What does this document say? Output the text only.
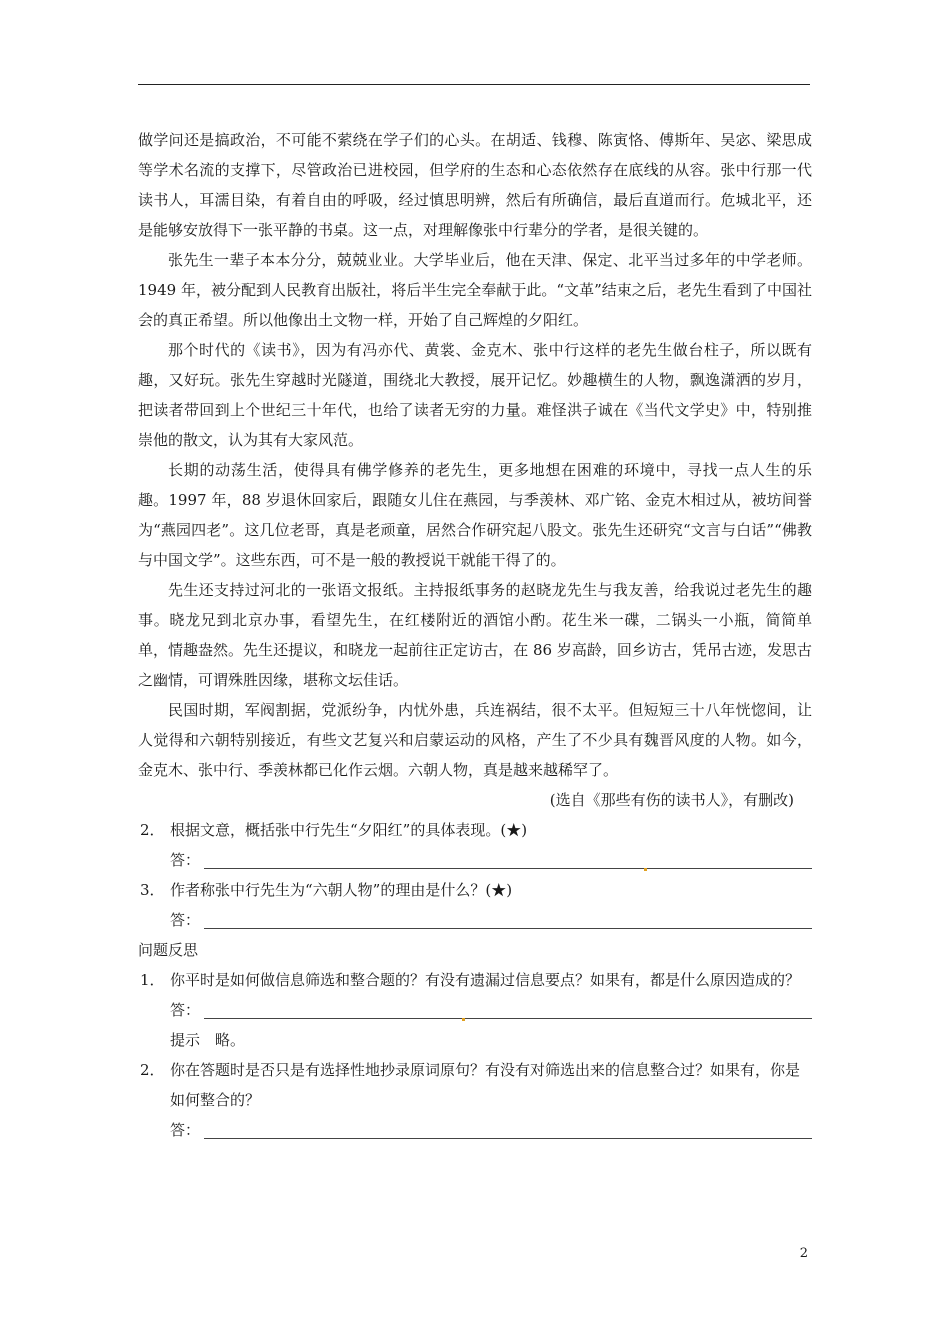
做学问还是搞政治，不可能不萦绕在学子们的心头。在胡适、钱穆、陈寅恪、傅斯年、吴宓、梁思成等学术名流的支撑下，尽管政治已进校园，但学府的生态和心态依然存在底线的从容。张中行那一代读书人，耳濡目染，有着自由的呼吸，经过慎思明辨，然后有所确信，最后直道而行。危城北平，还是能够安放得下一张平静的书桌。这一点，对理解像张中行辈分的学者，是很关键的。

张先生一辈子本本分分，兢兢业业。大学毕业后，他在天津、保定、北平当过多年的中学老师。1949 年，被分配到人民教育出版社，将后半生完全奉献于此。“文革”结束之后，老先生看到了中国社会的真正希望。所以他像出土文物一样，开始了自己辉煌的夕阳红。

那个时代的《读书》，因为有冯亦代、黄裳、金克木、张中行这样的老先生做台柱子，所以既有趣，又好玩。张先生穿越时光隧道，围绕北大教授，展开记忆。妙趣横生的人物，飘逸潇洒的岁月，把读者带回到上个世纪三十年代，也给了读者无穷的力量。难怪洪子诚在《当代文学史》中，特别推崇他的散文，认为其有大家风范。

长期的动荡生活，使得具有佛学修养的老先生，更多地想在困难的环境中，寻找一点人生的乐趣。1997 年，88 岁退休回家后，跟随女儿住在燕园，与季羡林、邓广铭、金克木相过从，被坊间誉为“燕园四老”。这几位老哥，真是老顽童，居然合作研究起八股文。张先生还研究“文言与白话”“佛教与中国文学”。这些东西，可不是一般的教授说干就能干得了的。

先生还支持过河北的一张语文报纸。主持报纸事务的赵晓龙先生与我友善，给我说过老先生的趣事。晓龙兄到北京办事，看望先生，在红楼附近的酒馆小酌。花生米一碟，二锅头一小瓶，简简单单，情趣盎然。先生还提议，和晓龙一起前往正定访古，在 86 岁高龄，回乡访古，凭吊古迹，发思古之幽情，可谓殊胜因缘，堪称文坛佳话。

民国时期，军阀割据，党派纷争，内忧外患，兵连祸结，很不太平。但短短三十八年恍惚间，让人觉得和六朝特别接近，有些文艺复兴和启蒙运动的风格，产生了不少具有魏晋风度的人物。如今，金克木、张中行、季羡林都已化作云烟。六朝人物，真是越来越稀罕了。

(选自《那些有伤的读书人》，有删改)

2． 根据文意，概括张中行先生“夕阳红”的具体表现。(★)
答：
3． 作者称张中行先生为“六朝人物”的理由是什么？(★)
答：

问题反思

1． 你平时是如何做信息筛选和整合题的？有没有遗漏过信息要点？如果有，都是什么原因造成的？
答：

提示　略。

2． 你在答题时是否只是有选择性地抄录原词原句？有没有对筛选出来的信息整合过？如果有，你是如何整合的？
答：
2
